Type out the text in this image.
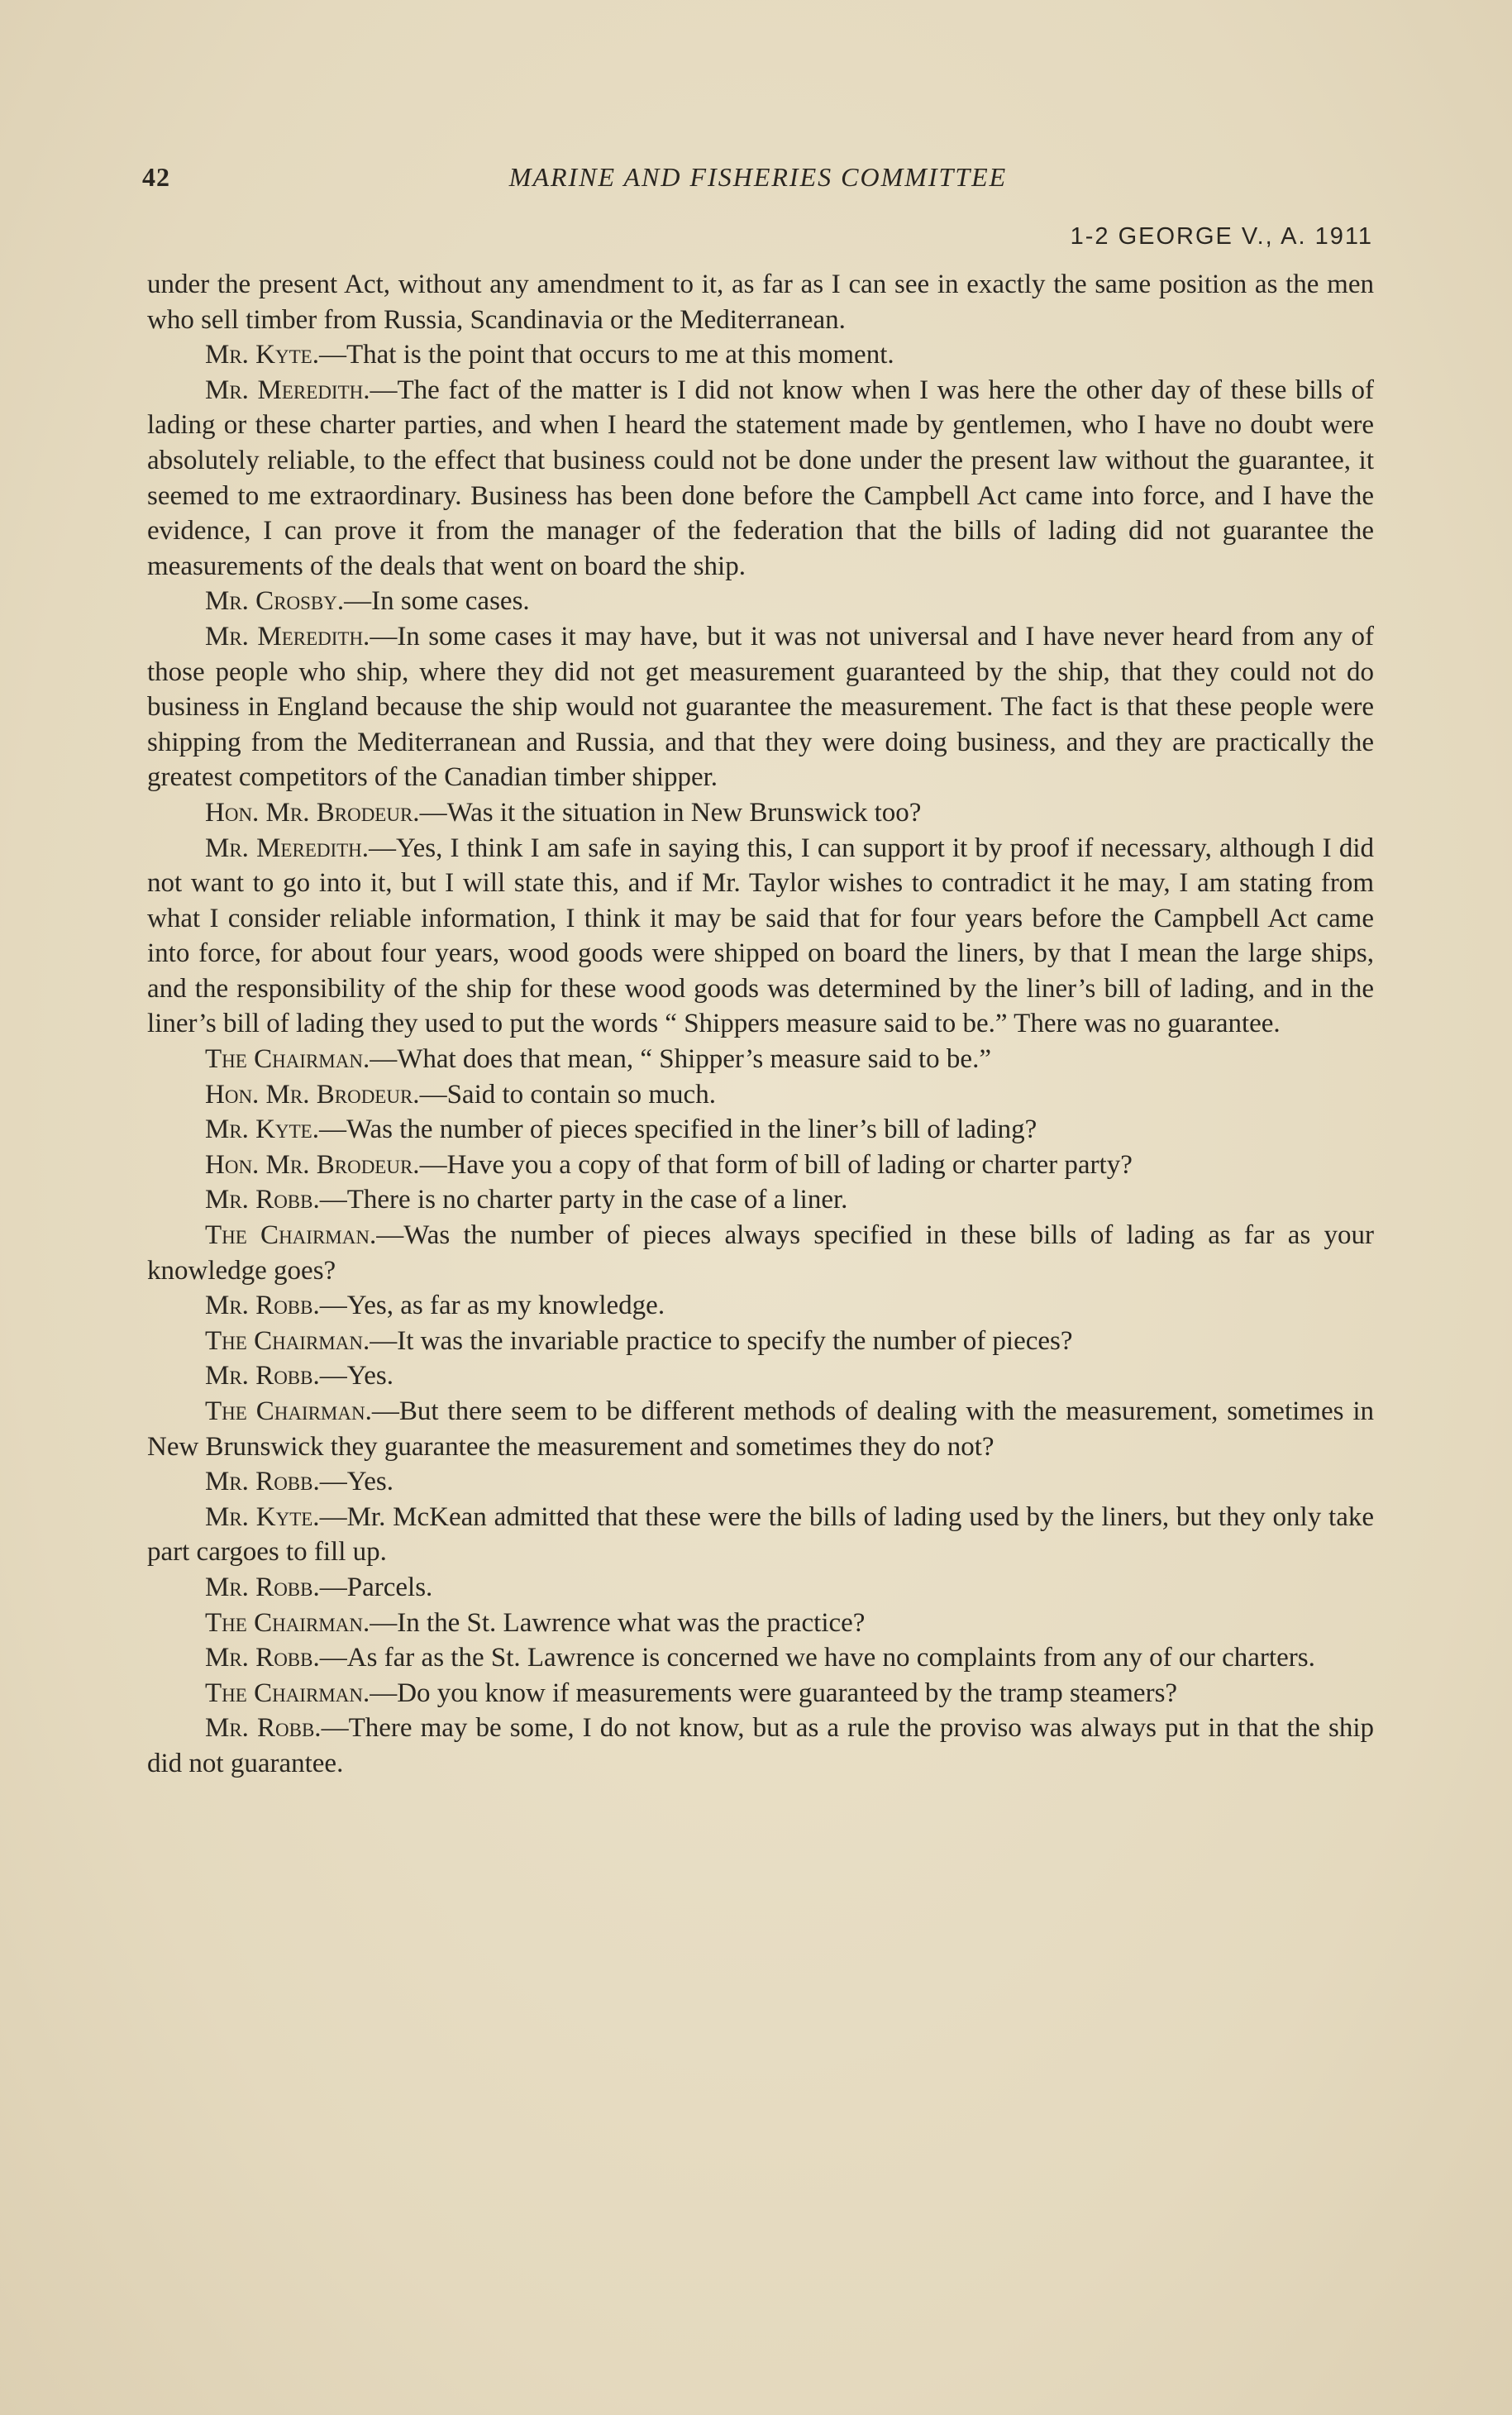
42	MARINE AND FISHERIES COMMITTEE
1-2 GEORGE V., A. 1911

under the present Act, without any amendment to it, as far as I can see in exactly the same position as the men who sell timber from Russia, Scandinavia or the Mediterranean.

Mr. Kyte.—That is the point that occurs to me at this moment.

Mr. Meredith.—The fact of the matter is I did not know when I was here the other day of these bills of lading or these charter parties, and when I heard the statement made by gentlemen, who I have no doubt were absolutely reliable, to the effect that business could not be done under the present law without the guarantee, it seemed to me extraordinary. Business has been done before the Campbell Act came into force, and I have the evidence, I can prove it from the manager of the federation that the bills of lading did not guarantee the measurements of the deals that went on board the ship.

Mr. Crosby.—In some cases.

Mr. Meredith.—In some cases it may have, but it was not universal and I have never heard from any of those people who ship, where they did not get measurement guaranteed by the ship, that they could not do business in England because the ship would not guarantee the measurement. The fact is that these people were shipping from the Mediterranean and Russia, and that they were doing business, and they are practically the greatest competitors of the Canadian timber shipper.

Hon. Mr. Brodeur.—Was it the situation in New Brunswick too?

Mr. Meredith.—Yes, I think I am safe in saying this, I can support it by proof if necessary, although I did not want to go into it, but I will state this, and if Mr. Taylor wishes to contradict it he may, I am stating from what I consider reliable information, I think it may be said that for four years before the Campbell Act came into force, for about four years, wood goods were shipped on board the liners, by that I mean the large ships, and the responsibility of the ship for these wood goods was determined by the liner’s bill of lading, and in the liner’s bill of lading they used to put the words “ Shippers measure said to be.” There was no guarantee.

The Chairman.—What does that mean, “ Shipper’s measure said to be.”

Hon. Mr. Brodeur.—Said to contain so much.

Mr. Kyte.—Was the number of pieces specified in the liner’s bill of lading?

Hon. Mr. Brodeur.—Have you a copy of that form of bill of lading or charter party?

Mr. Robb.—There is no charter party in the case of a liner.

The Chairman.—Was the number of pieces always specified in these bills of lading as far as your knowledge goes?

Mr. Robb.—Yes, as far as my knowledge.

The Chairman.—It was the invariable practice to specify the number of pieces?

Mr. Robb.—Yes.

The Chairman.—But there seem to be different methods of dealing with the measurement, sometimes in New Brunswick they guarantee the measurement and sometimes they do not?

Mr. Robb.—Yes.

Mr. Kyte.—Mr. McKean admitted that these were the bills of lading used by the liners, but they only take part cargoes to fill up.

Mr. Robb.—Parcels.

The Chairman.—In the St. Lawrence what was the practice?

Mr. Robb.—As far as the St. Lawrence is concerned we have no complaints from any of our charters.

The Chairman.—Do you know if measurements were guaranteed by the tramp steamers?

Mr. Robb.—There may be some, I do not know, but as a rule the proviso was always put in that the ship did not guarantee.
